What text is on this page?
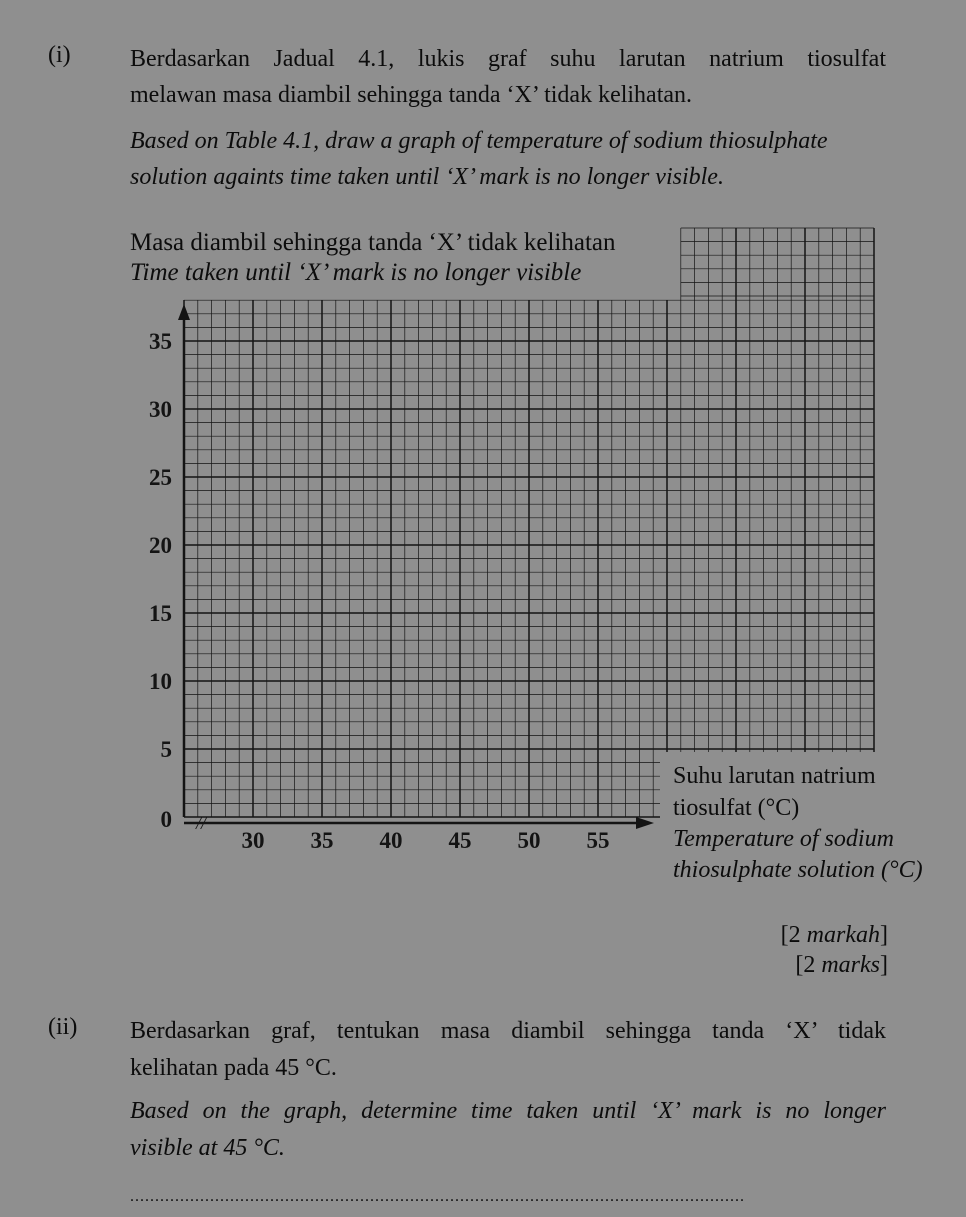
(i) Berdasarkan Jadual 4.1, lukis graf suhu larutan natrium tiosulfat
melawan masa diambil sehingga tanda ‘X’ tidak kelihatan.
Based on Table 4.1, draw a graph of temperature of sodium thiosulphate
solution againts time taken until ‘X’ mark is no longer visible.
//
35
30
25
20
15
10
5
0
30 35 40 45 50 55
Masa diambil sehingga tanda ‘X’ tidak kelihatan
Time taken until ‘X’ mark is no longer visible
Suhu larutan natrium
tiosulfat (°C)
Temperature of sodium
thiosulphate solution (°C)
[2 markah]
[2 marks]
(ii) Berdasarkan graf, tentukan masa diambil sehingga tanda ‘X’ tidak
kelihatan pada 45 °C.
Based on the graph, determine time taken until ‘X’ mark is no longer
visible at 45 °C.
...........................................................................................................................
